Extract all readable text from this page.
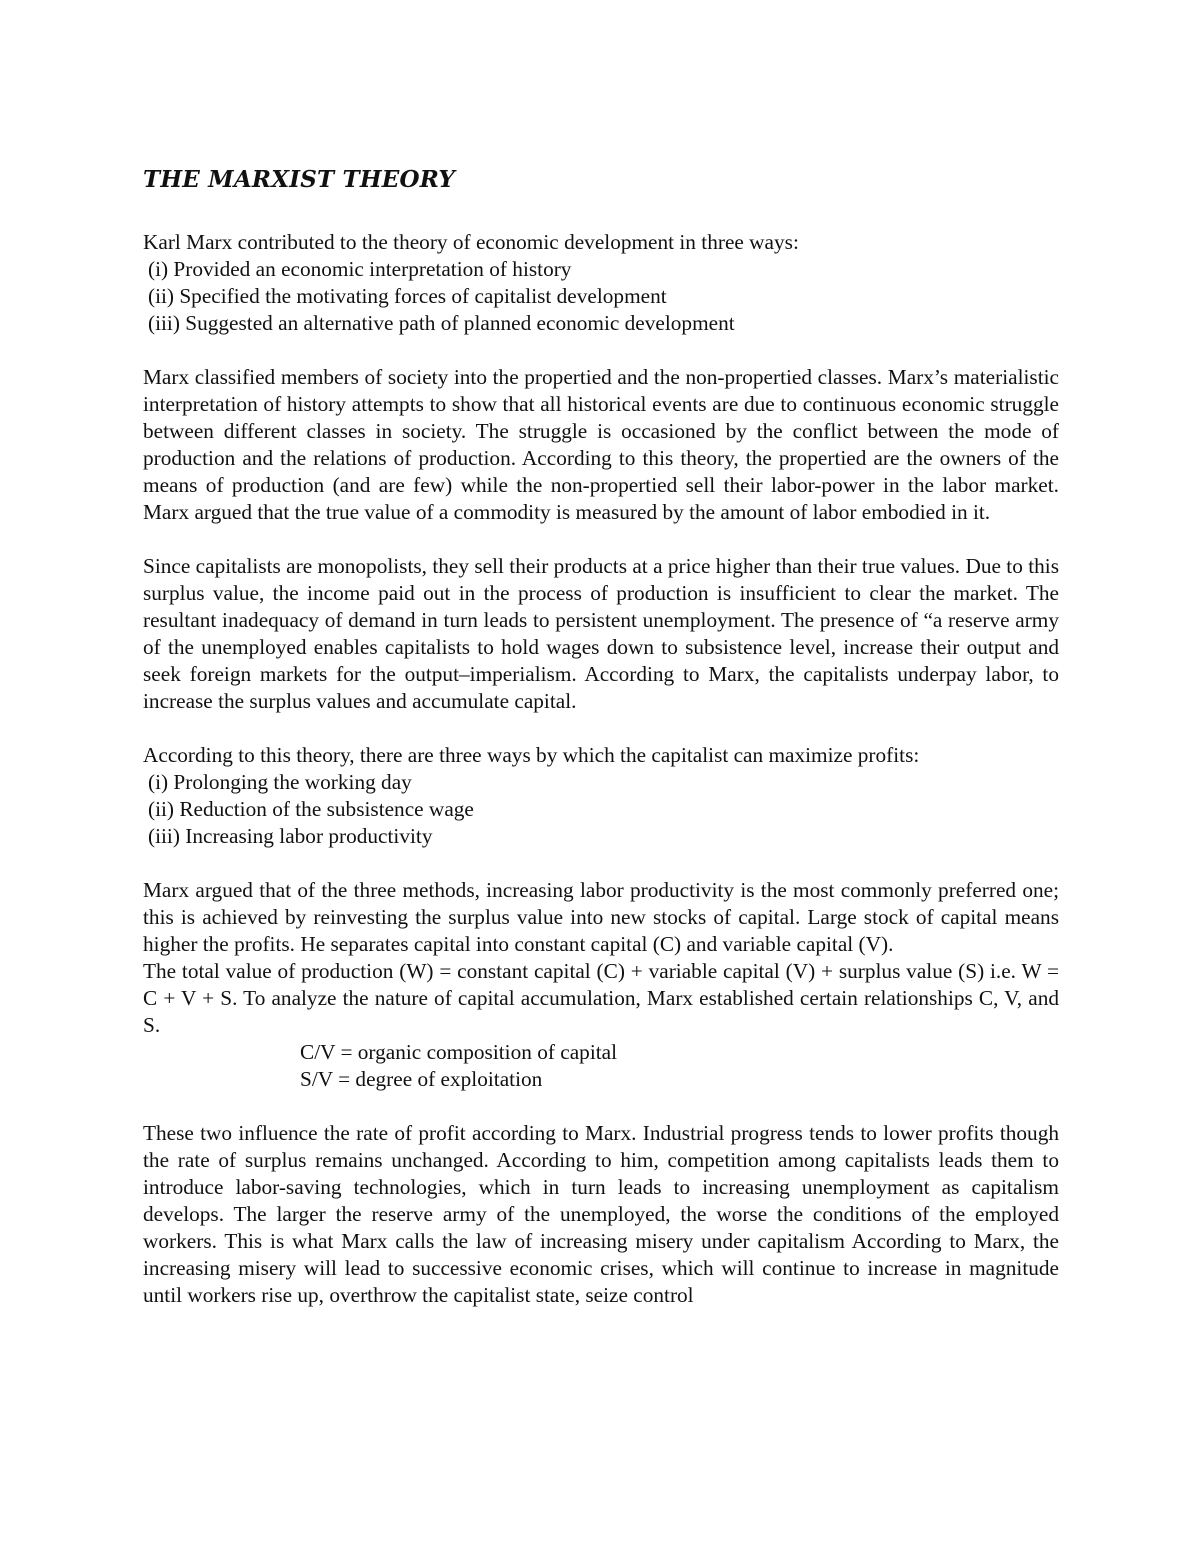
THE MARXIST THEORY

Karl Marx contributed to the theory of economic development in three ways:

(i) Provided an economic interpretation of history
(ii) Specified the motivating forces of capitalist development
(iii) Suggested an alternative path of planned economic development

Marx classified members of society into the propertied and the non-propertied classes. Marx’s materialistic interpretation of history attempts to show that all historical events are due to continuous economic struggle between different classes in society. The struggle is occasioned by the conflict between the mode of production and the relations of production. According to this theory, the propertied are the owners of the means of production (and are few) while the non-propertied sell their labor-power in the labor market. Marx argued that the true value of a commodity is measured by the amount of labor embodied in it.

Since capitalists are monopolists, they sell their products at a price higher than their true values. Due to this surplus value, the income paid out in the process of production is insufficient to clear the market. The resultant inadequacy of demand in turn leads to persistent unemployment. The presence of “a reserve army of the unemployed enables capitalists to hold wages down to subsistence level, increase their output and seek foreign markets for the output–imperialism. According to Marx, the capitalists underpay labor, to increase the surplus values and accumulate capital.

According to this theory, there are three ways by which the capitalist can maximize profits:

(i) Prolonging the working day
(ii) Reduction of the subsistence wage
(iii) Increasing labor productivity

Marx argued that of the three methods, increasing labor productivity is the most commonly preferred one; this is achieved by reinvesting the surplus value into new stocks of capital. Large stock of capital means higher the profits. He separates capital into constant capital (C) and variable capital (V).

The total value of production (W) = constant capital (C) + variable capital (V) + surplus value (S) i.e. W = C + V + S. To analyze the nature of capital accumulation, Marx established certain relationships C, V, and S.

C/V = organic composition of capital

S/V = degree of exploitation

These two influence the rate of profit according to Marx. Industrial progress tends to lower profits though the rate of surplus remains unchanged. According to him, competition among capitalists leads them to introduce labor-saving technologies, which in turn leads to increasing unemployment as capitalism develops. The larger the reserve army of the unemployed, the worse the conditions of the employed workers. This is what Marx calls the law of increasing misery under capitalism According to Marx, the increasing misery will lead to successive economic crises, which will continue to increase in magnitude until workers rise up, overthrow the capitalist state, seize control
